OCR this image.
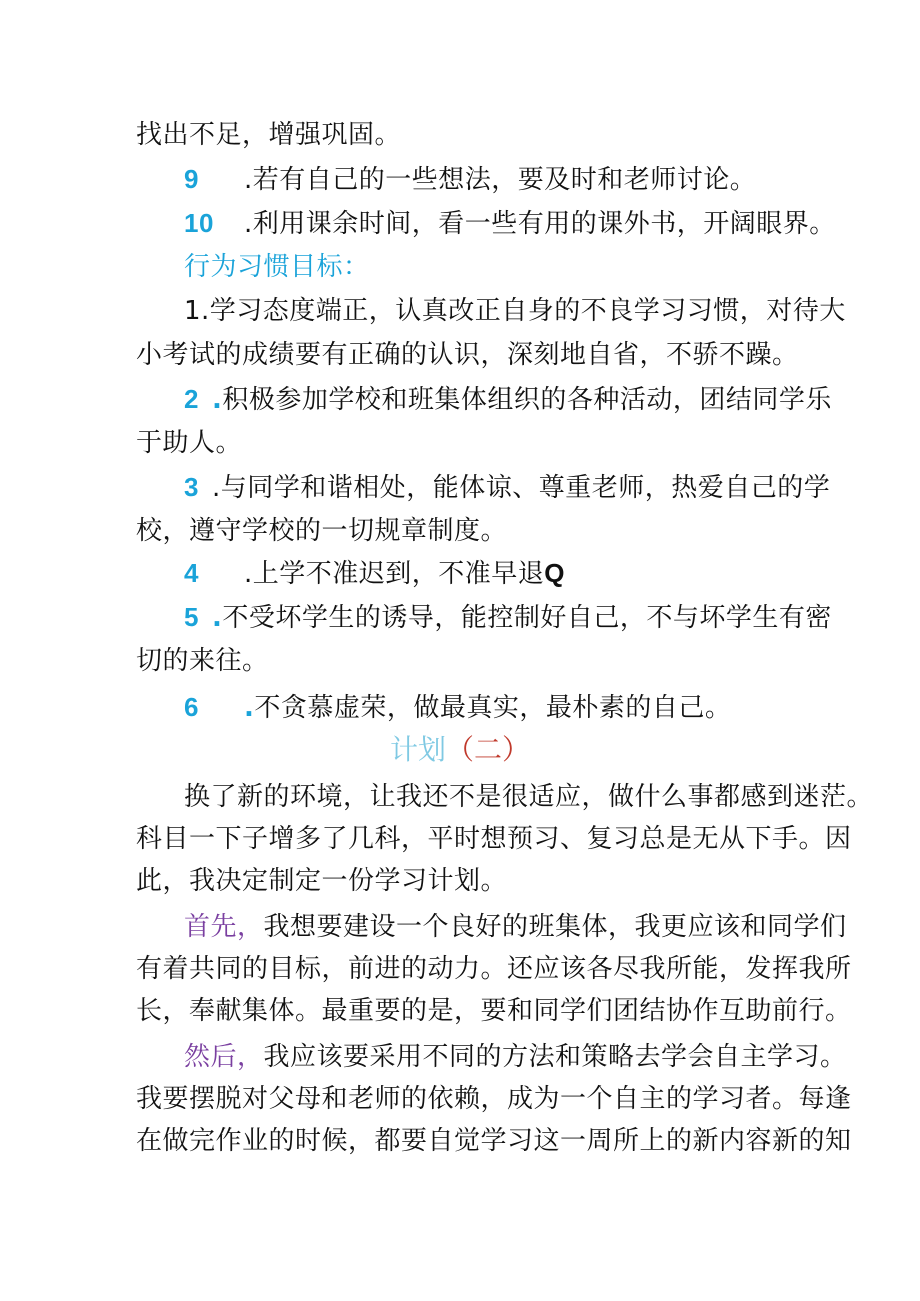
找出不足，增强巩固。
9 .若有自己的一些想法，要及时和老师讨论。
10 .利用课余时间，看一些有用的课外书，开阔眼界。
行为习惯目标：
1.学习态度端正，认真改正自身的不良学习习惯，对待大
小考试的成绩要有正确的认识，深刻地自省，不骄不躁。
2 .积极参加学校和班集体组织的各种活动，团结同学乐
于助人。
3 .与同学和谐相处，能体谅、尊重老师，热爱自己的学
校，遵守学校的一切规章制度。
4 .上学不准迟到，不准早退Q
5 .不受坏学生的诱导，能控制好自己，不与坏学生有密
切的来往。
6 .不贪慕虚荣，做最真实，最朴素的自己。
计划（二）
换了新的环境，让我还不是很适应，做什么事都感到迷茫。
科目一下子增多了几科，平时想预习、复习总是无从下手。因
此，我决定制定一份学习计划。
首先，我想要建设一个良好的班集体，我更应该和同学们
有着共同的目标，前进的动力。还应该各尽我所能，发挥我所
长，奉献集体。最重要的是，要和同学们团结协作互助前行。
然后，我应该要采用不同的方法和策略去学会自主学习。
我要摆脱对父母和老师的依赖，成为一个自主的学习者。每逢
在做完作业的时候，都要自觉学习这一周所上的新内容新的知
